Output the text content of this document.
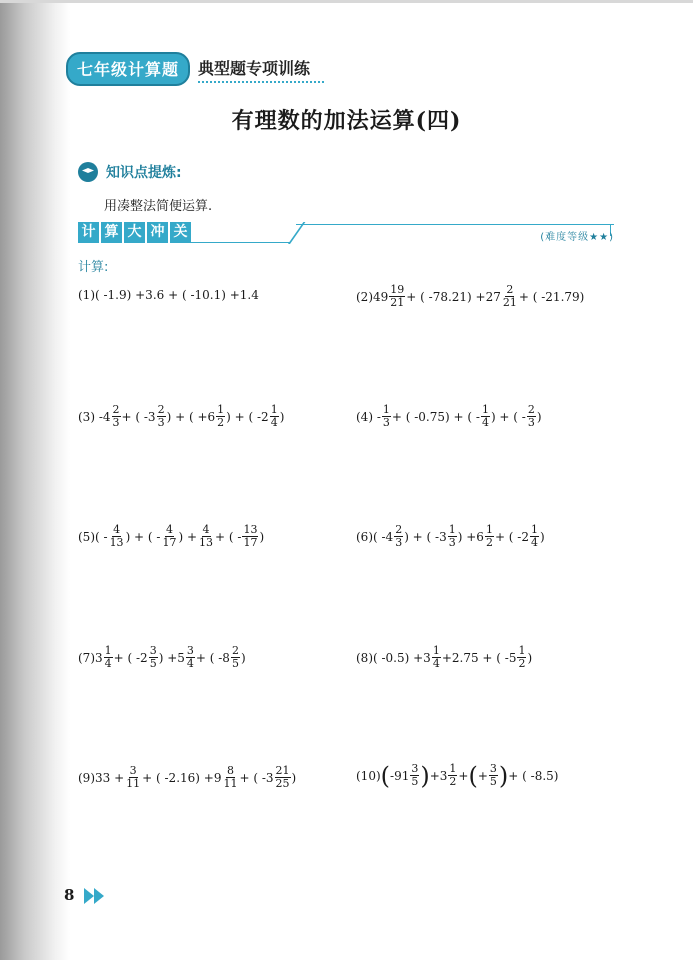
七年级计算题	典型题专项训练
有理数的加法运算(四)
知识点提炼:
用凑整法简便运算.
计 算 大 冲 关	(难度等级★★)
计算:
(1)( -1.9) +3.6 + ( -10.1) +1.4	$(2)49 \frac{19}{21}$ + ( $-78.21) +27 \frac{2}{21}$ + ( -21.79)
(3) $-4 \frac{2}{3}$ + ( $-3 \frac{2}{3}$ ) + ( $+6 \frac{1}{2}$ ) + ( $-2 \frac{1}{4}$ )	$(4) - \frac{1}{3}$ + ( -0.75) + ( - $\frac{1}{4}$ ) + ( - $\frac{2}{3}$ )
$(5)( - \frac{4}{13}$ ) + ( - $\frac{4}{17}$ ) + $\frac{4}{13}$ + ( - $\frac{13}{17}$ )	(6)( $-4 \frac{2}{3}$ ) + ( $-3 \frac{1}{3}$ ) $+6 \frac{1}{2}$ + ( $-2 \frac{1}{4}$ )
$(7)3 \frac{1}{4}$ + ( $-2 \frac{3}{5}$ ) $+5 \frac{3}{4}$ + ( $-8 \frac{2}{5}$ )	(8)( $-0.5) +3 \frac{1}{4} +2.75$ + ( $-5 \frac{1}{2}$ )
$(9)33 + \frac{3}{11}$ + ( $-2.16) +9 \frac{8}{11}$ + ( $-3 \frac{21}{25}$ )	(10) ( $-91 \frac{3}{5}$ ) $+3 \frac{1}{2}$ + ( + $\frac{3}{5}$ ) + ( -8.5)
8
